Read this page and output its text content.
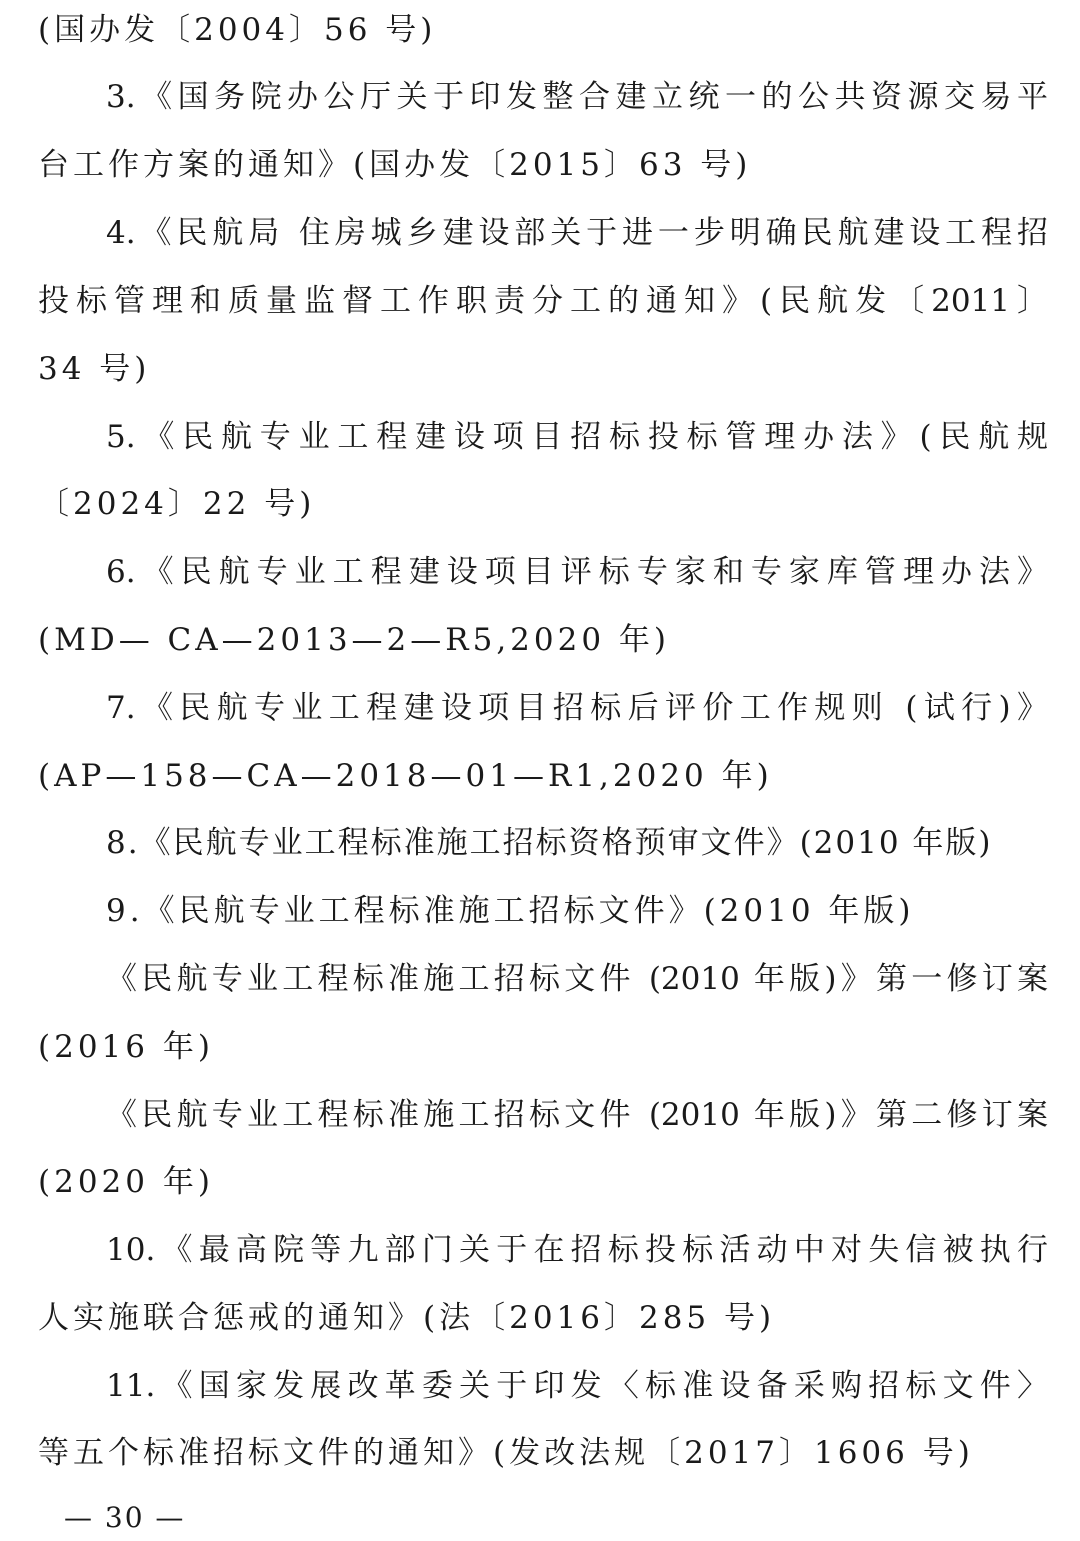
(国办发〔2004〕56 号)
3.《国务院办公厅关于印发整合建立统一的公共资源交易平
台工作方案的通知》(国办发〔2015〕63 号)
4.《民航局 住房城乡建设部关于进一步明确民航建设工程招
投标管理和质量监督工作职责分工的通知》(民航发〔2011〕
34 号)
5.《民航专业工程建设项目招标投标管理办法》(民航规
〔2024〕22 号)
6.《民航专业工程建设项目评标专家和专家库管理办法》
(MD— CA—2013—2—R5,2020 年)
7.《民航专业工程建设项目招标后评价工作规则 (试行)》
(AP—158—CA—2018—01—R1,2020 年)
8.《民航专业工程标准施工招标资格预审文件》(2010 年版)
9.《民航专业工程标准施工招标文件》(2010 年版)
《民航专业工程标准施工招标文件 (2010 年版)》第一修订案
(2016 年)
《民航专业工程标准施工招标文件 (2010 年版)》第二修订案
(2020 年)
10.《最高院等九部门关于在招标投标活动中对失信被执行
人实施联合惩戒的通知》(法〔2016〕285 号)
11.《国家发展改革委关于印发〈标准设备采购招标文件〉
等五个标准招标文件的通知》(发改法规〔2017〕1606 号)
— 30 —
